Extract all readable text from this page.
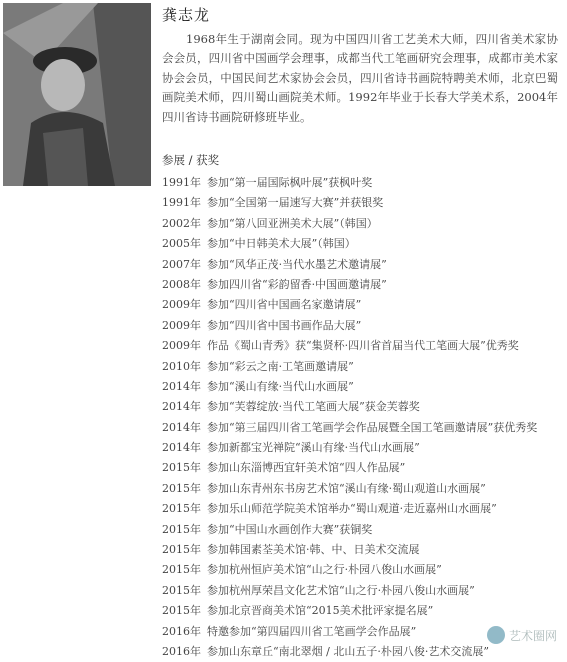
龚志龙
1968年生于湖南会同。现为中国四川省工艺美术大师，四川省美术家协会会员，四川省中国画学会理事，成都当代工笔画研究会理事，成都市美术家协会会员，中国民间艺术家协会会员，四川省诗书画院特聘美术师，北京巴蜀画院美术师，四川蜀山画院美术师。1992年毕业于长春大学美术系，2004年四川省诗书画院研修班毕业。
参展 / 获奖
1991年 参加“第一届国际枫叶展”获枫叶奖
1991年 参加“全国第一届速写大赛”并获银奖
2002年 参加“第八回亚洲美术大展”（韩国）
2005年 参加“中日韩美术大展”（韩国）
2007年 参加“风华正茂·当代水墨艺术邀请展”
2008年 参加四川省“彩韵留香·中国画邀请展”
2009年 参加“四川省中国画名家邀请展”
2009年 参加“四川省中国书画作品大展”
2009年 作品《蜀山青秀》获“集贤杯·四川省首届当代工笔画大展”优秀奖
2010年 参加“彩云之南·工笔画邀请展”
2014年 参加“溪山有缘·当代山水画展”
2014年 参加“芙蓉绽放·当代工笔画大展”获金芙蓉奖
2014年 参加“第三届四川省工笔画学会作品展暨全国工笔画邀请展”获优秀奖
2014年 参加新都宝光禅院“溪山有缘·当代山水画展”
2015年 参加山东淄博西宜轩美术馆“四人作品展”
2015年 参加山东青州东书房艺术馆“溪山有缘·蜀山观道山水画展”
2015年 参加乐山师范学院美术馆举办“蜀山观道·走近嘉州山水画展”
2015年 参加“中国山水画创作大赛”获铜奖
2015年 参加韩国素荃美术馆·韩、中、日美术交流展
2015年 参加杭州恒庐美术馆“山之行·朴园八俊山水画展”
2015年 参加杭州厚荣昌文化艺术馆“山之行·朴园八俊山水画展”
2015年 参加北京晋商美术馆“2015美术批评家提名展”
2016年 特邀参加“第四届四川省工笔画学会作品展”
2016年 参加山东章丘“南北翠烟 / 北山五子·朴园八俊·艺术交流展”
艺术圈网
